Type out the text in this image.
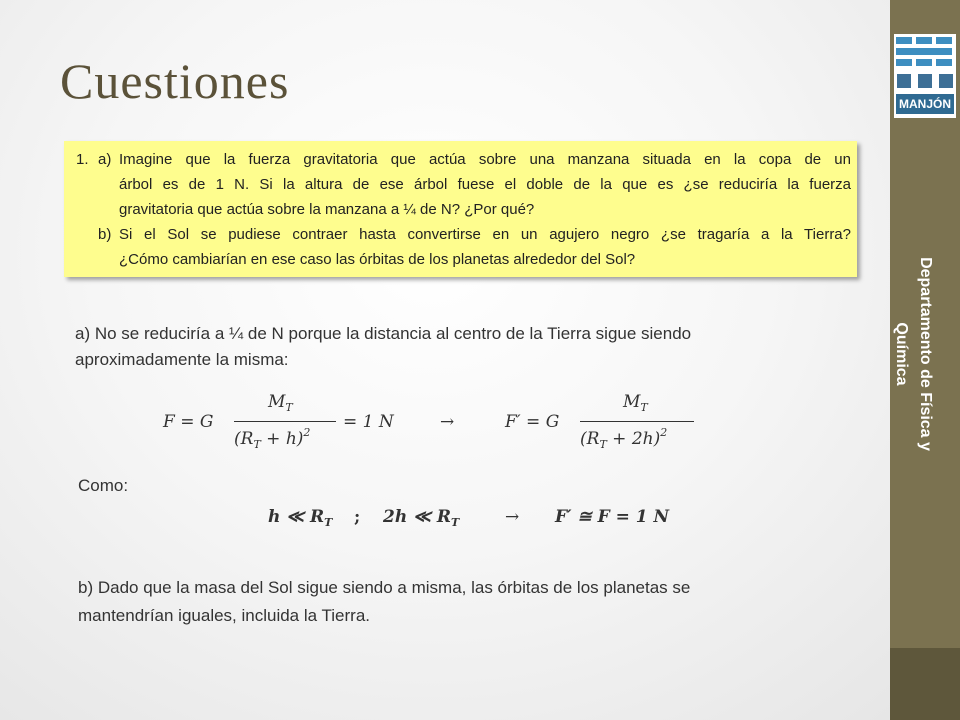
Departamento de Física y Química
MANJÓN
Cuestiones
1. a) Imagine que la fuerza gravitatoria que actúa sobre una manzana situada en la copa de un
árbol es de 1 N. Si la altura de ese árbol fuese el doble de la que es ¿se reduciría la fuerza
gravitatoria que actúa sobre la manzana a ¼ de N? ¿Por qué?
b) Si el Sol se pudiese contraer hasta convertirse en un agujero negro ¿se tragaría a la Tierra?
¿Cómo cambiarían en ese caso las órbitas de los planetas alrededor del Sol?

a) No se reduciría a ¼ de N porque la distancia al centro de la Tierra sigue siendo

aproximadamente la misma:

F = G
$M_T$
$(R_T + h)^2$
= 1 N	→	F′ = G
$M_T$
$(R_T + 2h)^2$

Como:

h ≪ $R_T$ ; 2h ≪ $R_T$	→ F′ ≅ F = 1 N

b) Dado que la masa del Sol sigue siendo a misma, las órbitas de los planetas se

mantendrían iguales, incluida la Tierra.
